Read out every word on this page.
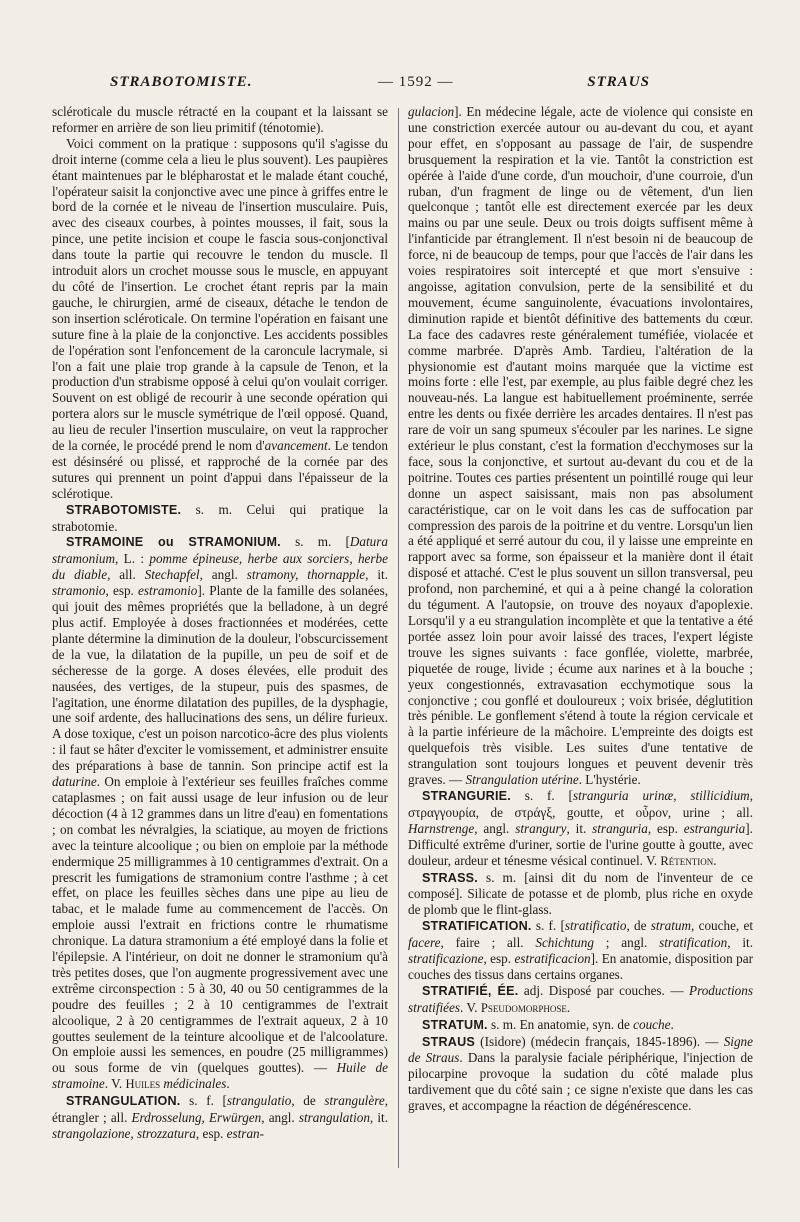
STRABOTOMISTE.	— 1592 —	STRAUS

scléroticale du muscle rétracté en la coupant et la laissant se reformer en arrière de son lieu primitif (ténotomie).

Voici comment on la pratique : supposons qu'il s'agisse du droit interne (comme cela a lieu le plus souvent). Les paupières étant maintenues par le blépharostat et le malade étant couché, l'opérateur saisit la conjonctive avec une pince à griffes entre le bord de la cornée et le niveau de l'insertion musculaire. Puis, avec des ciseaux courbes, à pointes mousses, il fait, sous la pince, une petite incision et coupe le fascia sous-conjonctival dans toute la partie qui recouvre le tendon du muscle. Il introduit alors un crochet mousse sous le muscle, en appuyant du côté de l'insertion. Le crochet étant repris par la main gauche, le chirurgien, armé de ciseaux, détache le tendon de son insertion scléroticale. On termine l'opération en faisant une suture fine à la plaie de la conjonctive. Les accidents possibles de l'opération sont l'enfoncement de la caroncule lacrymale, si l'on a fait une plaie trop grande à la capsule de Tenon, et la production d'un strabisme opposé à celui qu'on voulait corriger. Souvent on est obligé de recourir à une seconde opération qui portera alors sur le muscle symétrique de l'œil opposé. Quand, au lieu de reculer l'insertion musculaire, on veut la rapprocher de la cornée, le procédé prend le nom d'avancement. Le tendon est désinséré ou plissé, et rapproché de la cornée par des sutures qui prennent un point d'appui dans l'épaisseur de la sclérotique.

STRABOTOMISTE. s. m. Celui qui pratique la strabotomie.

STRAMOINE ou STRAMONIUM. s. m. [Datura stramonium, L. : pomme épineuse, herbe aux sorciers, herbe du diable, all. Stechapfel, angl. stramony, thornapple, it. stramonio, esp. estramonio]. Plante de la famille des solanées, qui jouit des mêmes propriétés que la belladone, à un degré plus actif. Employée à doses fractionnées et modérées, cette plante détermine la diminution de la douleur, l'obscurcissement de la vue, la dilatation de la pupille, un peu de soif et de sécheresse de la gorge. A doses élevées, elle produit des nausées, des vertiges, de la stupeur, puis des spasmes, de l'agitation, une énorme dilatation des pupilles, de la dysphagie, une soif ardente, des hallucinations des sens, un délire furieux. A dose toxique, c'est un poison narcotico-âcre des plus violents : il faut se hâter d'exciter le vomissement, et administrer ensuite des préparations à base de tannin. Son principe actif est la daturine. On emploie à l'extérieur ses feuilles fraîches comme cataplasmes ; on fait aussi usage de leur infusion ou de leur décoction (4 à 12 grammes dans un litre d'eau) en fomentations ; on combat les névralgies, la sciatique, au moyen de frictions avec la teinture alcoolique ; ou bien on emploie par la méthode endermique 25 milligrammes à 10 centigrammes d'extrait. On a prescrit les fumigations de stramonium contre l'asthme ; à cet effet, on place les feuilles sèches dans une pipe au lieu de tabac, et le malade fume au commencement de l'accès. On emploie aussi l'extrait en frictions contre le rhumatisme chronique. La datura stramonium a été employé dans la folie et l'épilepsie. A l'intérieur, on doit ne donner le stramonium qu'à très petites doses, que l'on augmente progressivement avec une extrême circonspection : 5 à 30, 40 ou 50 centigrammes de la poudre des feuilles ; 2 à 10 centigrammes de l'extrait alcoolique, 2 à 20 centigrammes de l'extrait aqueux, 2 à 10 gouttes seulement de la teinture alcoolique et de l'alcoolature. On emploie aussi les semences, en poudre (25 milligrammes) ou sous forme de vin (quelques gouttes). — Huile de stramoine. V. Huiles médicinales.

STRANGULATION. s. f. [strangulatio, de strangulère, étrangler ; all. Erdrosselung, Erwürgen, angl. strangulation, it. strangolazione, strozzatura, esp. estran-

gulacion]. En médecine légale, acte de violence qui consiste en une constriction exercée autour ou au-devant du cou, et ayant pour effet, en s'opposant au passage de l'air, de suspendre brusquement la respiration et la vie. Tantôt la constriction est opérée à l'aide d'une corde, d'un mouchoir, d'une courroie, d'un ruban, d'un fragment de linge ou de vêtement, d'un lien quelconque ; tantôt elle est directement exercée par les deux mains ou par une seule. Deux ou trois doigts suffisent même à l'infanticide par étranglement. Il n'est besoin ni de beaucoup de force, ni de beaucoup de temps, pour que l'accès de l'air dans les voies respiratoires soit intercepté et que mort s'ensuive : angoisse, agitation convulsion, perte de la sensibilité et du mouvement, écume sanguinolente, évacuations involontaires, diminution rapide et bientôt définitive des battements du cœur. La face des cadavres reste généralement tuméfiée, violacée et comme marbrée. D'après Amb. Tardieu, l'altération de la physionomie est d'autant moins marquée que la victime est moins forte : elle l'est, par exemple, au plus faible degré chez les nouveau-nés. La langue est habituellement proéminente, serrée entre les dents ou fixée derrière les arcades dentaires. Il n'est pas rare de voir un sang spumeux s'écouler par les narines. Le signe extérieur le plus constant, c'est la formation d'ecchymoses sur la face, sous la conjonctive, et surtout au-devant du cou et de la poitrine. Toutes ces parties présentent un pointillé rouge qui leur donne un aspect saisissant, mais non pas absolument caractéristique, car on le voit dans les cas de suffocation par compression des parois de la poitrine et du ventre. Lorsqu'un lien a été appliqué et serré autour du cou, il y laisse une empreinte en rapport avec sa forme, son épaisseur et la manière dont il était disposé et attaché. C'est le plus souvent un sillon transversal, peu profond, non parcheminé, et qui a à peine changé la coloration du tégument. A l'autopsie, on trouve des noyaux d'apoplexie. Lorsqu'il y a eu strangulation incomplète et que la tentative a été portée assez loin pour avoir laissé des traces, l'expert légiste trouve les signes suivants : face gonflée, violette, marbrée, piquetée de rouge, livide ; écume aux narines et à la bouche ; yeux congestionnés, extravasation ecchymotique sous la conjonctive ; cou gonflé et douloureux ; voix brisée, déglutition très pénible. Le gonflement s'étend à toute la région cervicale et à la partie inférieure de la mâchoire. L'empreinte des doigts est quelquefois très visible. Les suites d'une tentative de strangulation sont toujours longues et peuvent devenir très graves. — Strangulation utérine. L'hystérie.

STRANGURIE. s. f. [stranguria urinæ, stillicidium, στραγγουρία, de στράγξ, goutte, et οὖρον, urine ; all. Harnstrenge, angl. strangury, it. stranguria, esp. estranguria]. Difficulté extrême d'uriner, sortie de l'urine goutte à goutte, avec douleur, ardeur et ténesme vésical continuel. V. Rétention.

STRASS. s. m. [ainsi dit du nom de l'inventeur de ce composé]. Silicate de potasse et de plomb, plus riche en oxyde de plomb que le flint-glass.

STRATIFICATION. s. f. [stratificatio, de stratum, couche, et facere, faire ; all. Schichtung ; angl. stratification, it. stratificazione, esp. estratificacion]. En anatomie, disposition par couches des tissus dans certains organes.

STRATIFIÉ, ÉE. adj. Disposé par couches. — Productions stratifiées. V. Pseudomorphose.

STRATUM. s. m. En anatomie, syn. de couche.

STRAUS (Isidore) (médecin français, 1845-1896). — Signe de Straus. Dans la paralysie faciale périphérique, l'injection de pilocarpine provoque la sudation du côté malade plus tardivement que du côté sain ; ce signe n'existe que dans les cas graves, et accompagne la réaction de dégénérescence.
